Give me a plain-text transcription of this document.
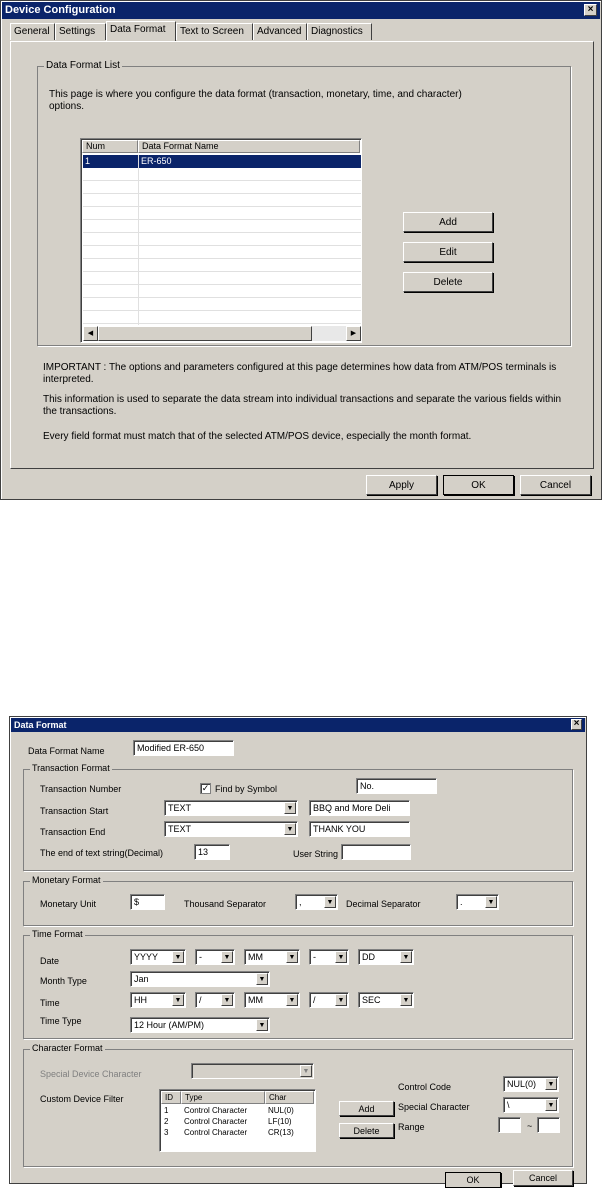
Device Configuration	×
General Settings	Data Format	Text to Screen	Advanced Diagnostics
Data Format List
This page is where you configure the data format (transaction, monetary, time, and character) options.
Num	Data Format Name
1	ER-650
◀	▶
Add
Edit
Delete
IMPORTANT : The options and parameters configured at this page determines how data from ATM/POS terminals is interpreted.
This information is used to separate the data stream into individual transactions and separate the various fields within the transactions.
Every field format must match that of the selected ATM/POS device, especially the month format.
Apply	OK	Cancel
Data Format	×
Data Format Name	Modified ER-650
Transaction Format
Transaction Number	✓ Find by Symbol	No.
Transaction Start	TEXT	▼	BBQ and More Deli
Transaction End	TEXT	▼	THANK YOU
The end of text string(Decimal)	13	User String
Monetary Format
Monetary Unit	$	Thousand Separator	,	▼ Decimal Separator	.	▼
Time Format
Date	YYYY	▼	-	▼	MM	▼	-	▼	DD	▼
Month Type	Jan	▼
Time	HH	▼	/	▼	MM	▼	/	▼	SEC	▼
Time Type	12 Hour (AM/PM)	▼
Character Format
Special Device Character	▼
Custom Device Filter	ID	Type	Char
1 Control Character	NUL(0)
2 Control Character	LF(10)
3 Control Character	CR(13)
Add
Delete
Control Code	NUL(0)	▼
Special Character	\	▼
Range	~
OK	Cancel
